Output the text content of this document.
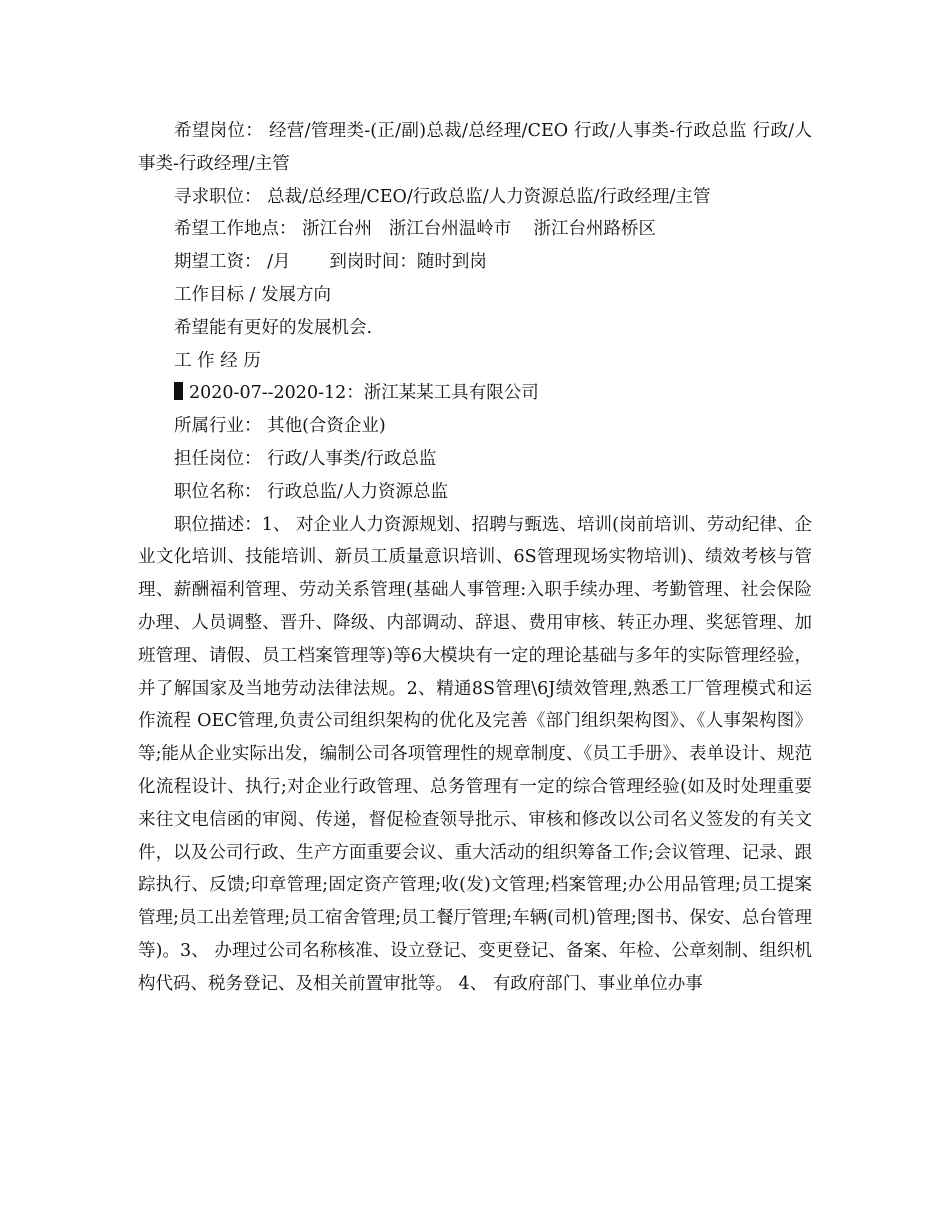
希望岗位： 经营/管理类-(正/副)总裁/总经理/CEO 行政/人事类-行政总监 行政/人事类-行政经理/主管

寻求职位： 总裁/总经理/CEO/行政总监/人力资源总监/行政经理/主管
希望工作地点： 浙江台州   浙江台州温岭市    浙江台州路桥区
期望工资： /月       到岗时间：随时到岗
工作目标 / 发展方向
希望能有更好的发展机会.
工 作 经 历
2020-07--2020-12：浙江某某工具有限公司
所属行业： 其他(合资企业)
担任岗位： 行政/人事类/行政总监
职位名称： 行政总监/人力资源总监

职位描述：1、 对企业人力资源规划、招聘与甄选、培训(岗前培训、劳动纪律、企业文化培训、技能培训、新员工质量意识培训、6S管理现场实物培训)、绩效考核与管理、薪酬福利管理、劳动关系管理(基础人事管理:入职手续办理、考勤管理、社会保险办理、人员调整、晋升、降级、内部调动、辞退、费用审核、转正办理、奖惩管理、加班管理、请假、员工档案管理等)等6大模块有一定的理论基础与多年的实际管理经验，并了解国家及当地劳动法律法规。2、精通8S管理\6J绩效管理,熟悉工厂管理模式和运作流程 OEC管理,负责公司组织架构的优化及完善《部门组织架构图》、《人事架构图》等;能从企业实际出发，编制公司各项管理性的规章制度、《员工手册》、表单设计、规范化流程设计、执行;对企业行政管理、总务管理有一定的综合管理经验(如及时处理重要来往文电信函的审阅、传递，督促检查领导批示、审核和修改以公司名义签发的有关文件，以及公司行政、生产方面重要会议、重大活动的组织筹备工作;会议管理、记录、跟踪执行、反馈;印章管理;固定资产管理;收(发)文管理;档案管理;办公用品管理;员工提案管理;员工出差管理;员工宿舍管理;员工餐厅管理;车辆(司机)管理;图书、保安、总台管理等)。3、 办理过公司名称核准、设立登记、变更登记、备案、年检、公章刻制、组织机构代码、税务登记、及相关前置审批等。 4、 有政府部门、事业单位办事
